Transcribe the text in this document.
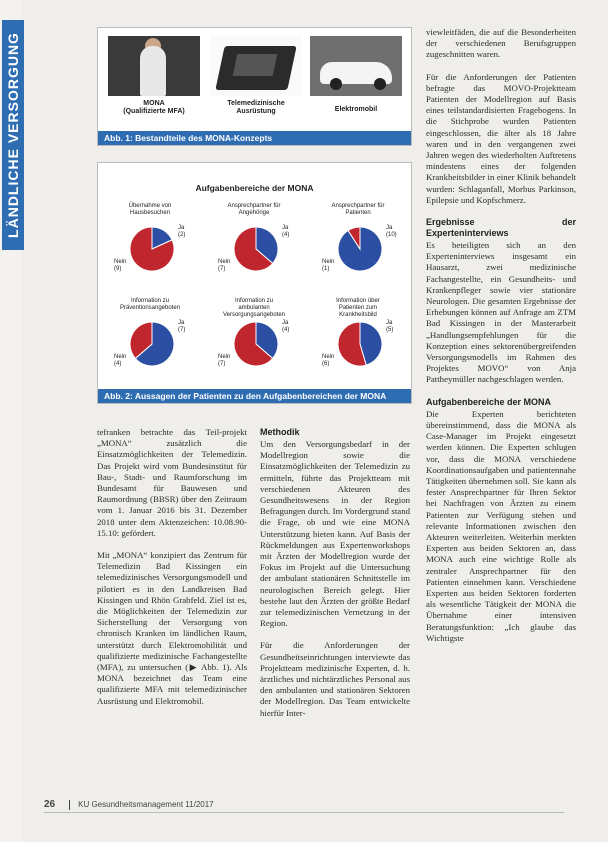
LÄNDLICHE VERSORGUNG	MONA
(Qualifizierte MFA)
Telemedizinische
Ausrüstung	Elektromobil
Abb. 1: Bestandteile des MONA-Konzepts
Aufgabenbereiche der MONA
Abb. 2: Aussagen der Patienten zu den Aufgabenbereichen der MONA
Übernahme von
Hausbesuchen
Ja
(2)
Nein
(9)
Ansprechpartner für
Angehörige
Ja
(4)
Nein
(7)
Ansprechpartner für
Patienten
Ja
(10)
Nein
(1)
Information zu
Präventionsangeboten
Ja
(7)
Nein
(4)
Information zu
ambulanten
Versorgungsangeboten
Ja
(4)
Nein
(7)
Information über
Patienten zum
Krankheitsbild
Ja
(5)
Nein
(6)

tefranken betrachte das Teil-projekt „MONA“ zusätzlich die Einsatzmöglichkeiten der Telemedizin. Das Projekt wird vom Bundesinstitut für Bau-, Stadt- und Raumforschung im Bundesamt für Bauwesen und Raumordnung (BBSR) über den Zeitraum vom 1. Januar 2016 bis 31. Dezember 2018 unter dem Aktenzeichen: 10.08.90-15.10: gefördert.

Mit „MONA“ konzipiert das Zentrum für Telemedizin Bad Kissingen ein telemedizinisches Versorgungsmodell und pilotiert es in den Landkreisen Bad Kissingen und Rhön Grabfeld. Ziel ist es, die Möglichkeiten der Telemedizin zur Sicherstellung der Versorgung von chronisch Kranken im ländlichen Raum, unterstützt durch Elektromobilität und qualifizierte medizinische Fachangestellte (MFA), zu untersuchen (▶ Abb. 1). Als MONA bezeichnet das Team eine qualifizierte MFA mit telemedizinischer Ausrüstung und Elektromobil.

Methodik

Um den Versorgungsbedarf in der Modellregion sowie die Einsatzmöglichkeiten der Telemedizin zu ermitteln, führte das Projektteam mit verschiedenen Akteuren des Gesundheitswesens in der Region Befragungen durch. Im Vordergrund stand die Frage, ob und wie eine MONA Unterstützung bieten kann. Auf Basis der Rückmeldungen aus Expertenworkshops mit Ärzten der Modellregion wurde der Fokus im Projekt auf die Untersuchung der ambulant stationären Schnittstelle im neurologischen Bereich gelegt. Hier bestehe laut den Ärzten der größte Bedarf zur telemedizinischen Vernetzung in der Region.

Für die Anforderungen der Gesundheitseinrichtungen interviewte das Projektteam medizinische Experten, d. h. ärztliches und nichtärztliches Personal aus den ambulanten und stationären Sektoren der Modellregion. Das Team entwickelte hierfür Inter-

viewleitfäden, die auf die Besonderheiten der verschiedenen Berufsgruppen zugeschnitten waren.

Für die Anforderungen der Patienten befragte das MOVO-Projektteam Patienten der Modellregion auf Basis eines teilstandardisierten Fragebogens. In die Stichprobe wurden Patienten eingeschlossen, die älter als 18 Jahre waren und in den vergangenen zwei Jahren wegen des wiederholten Auftretens mindestens eines der folgenden Krankheitsbilder in einer Klinik behandelt wurden: Schlaganfall, Morbus Parkinson, Epilepsie und Kopfschmerz.

Ergebnisse der Experteninterviews

Es beteiligten sich an den Experteninterviews insgesamt ein Hausarzt, zwei medizinische Fachangestellte, ein Gesundheits- und Krankenpfleger sowie vier stationäre Neurologen. Die gesamten Ergebnisse der Erhebungen können auf Anfrage am ZTM Bad Kissingen in der Masterarbeit „Handlungsempfehlungen für die Konzeption eines sektorenübergreifenden Versorgungsmodells im Rahmen des Projektes MOVO“ von Anja Pattheymüller nachgeschlagen werden.

Aufgabenbereiche der MONA

Die Experten berichteten übereinstimmend, dass die MONA als Case-Manager im Projekt eingesetzt werden können. Die Experten schlugen vor, dass die MONA verschiedene Koordinationsaufgaben und patientennahe Tätigkeiten übernehmen soll. Sie kann als fester Ansprechpartner für Ihren Sektor bei Nachfragen von Ärzten zu einem Patienten zur Verfügung stehen und relevante Informationen zwischen den Akteuren weiterleiten. Weiterhin merkten Experten aus beiden Sektoren an, dass MONA auch eine wichtige Rolle als zentraler Ansprechpartner für den Patienten einnehmen kann. Verschiedene Experten aus beiden Sektoren forderten als wesentliche Tätigkeit der MONA die Übernahme einer intensiven Beratungsfunktion: „Ich glaube das Wichtigste

26	KU Gesundheitsmanagement 11/2017
